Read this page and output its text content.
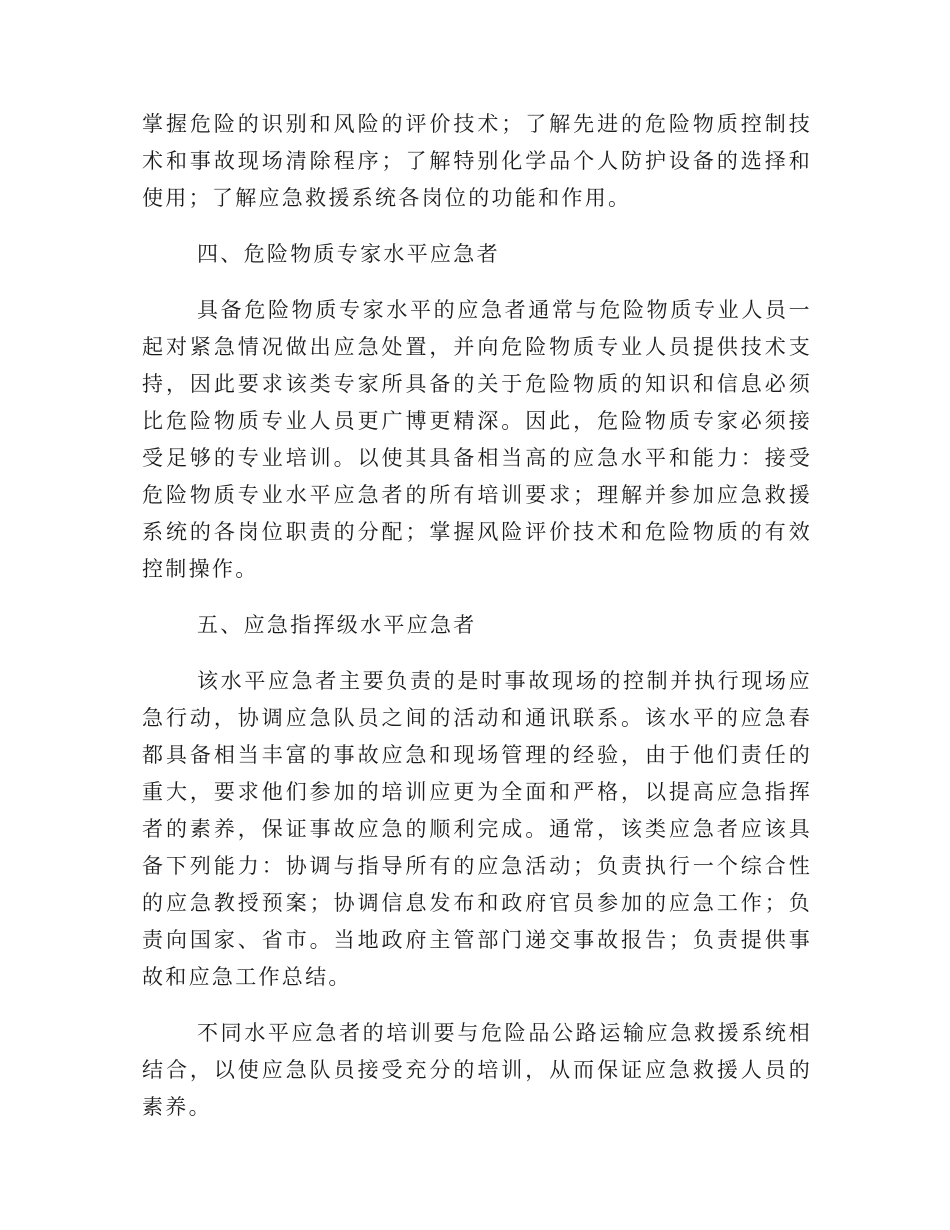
掌握危险的识别和风险的评价技术；了解先进的危险物质控制技术和事故现场清除程序；了解特别化学品个人防护设备的选择和使用；了解应急救援系统各岗位的功能和作用。

四、危险物质专家水平应急者

具备危险物质专家水平的应急者通常与危险物质专业人员一起对紧急情况做出应急处置，并向危险物质专业人员提供技术支持，因此要求该类专家所具备的关于危险物质的知识和信息必须比危险物质专业人员更广博更精深。因此，危险物质专家必须接受足够的专业培训。以使其具备相当高的应急水平和能力：接受危险物质专业水平应急者的所有培训要求；理解并参加应急救援系统的各岗位职责的分配；掌握风险评价技术和危险物质的有效控制操作。

五、应急指挥级水平应急者

该水平应急者主要负责的是时事故现场的控制并执行现场应急行动，协调应急队员之间的活动和通讯联系。该水平的应急春都具备相当丰富的事故应急和现场管理的经验，由于他们责任的重大，要求他们参加的培训应更为全面和严格，以提高应急指挥者的素养，保证事故应急的顺利完成。通常，该类应急者应该具备下列能力：协调与指导所有的应急活动；负责执行一个综合性的应急教授预案；协调信息发布和政府官员参加的应急工作；负责向国家、省市。当地政府主管部门递交事故报告；负责提供事故和应急工作总结。

不同水平应急者的培训要与危险品公路运输应急救援系统相结合，以使应急队员接受充分的培训，从而保证应急救援人员的素养。
